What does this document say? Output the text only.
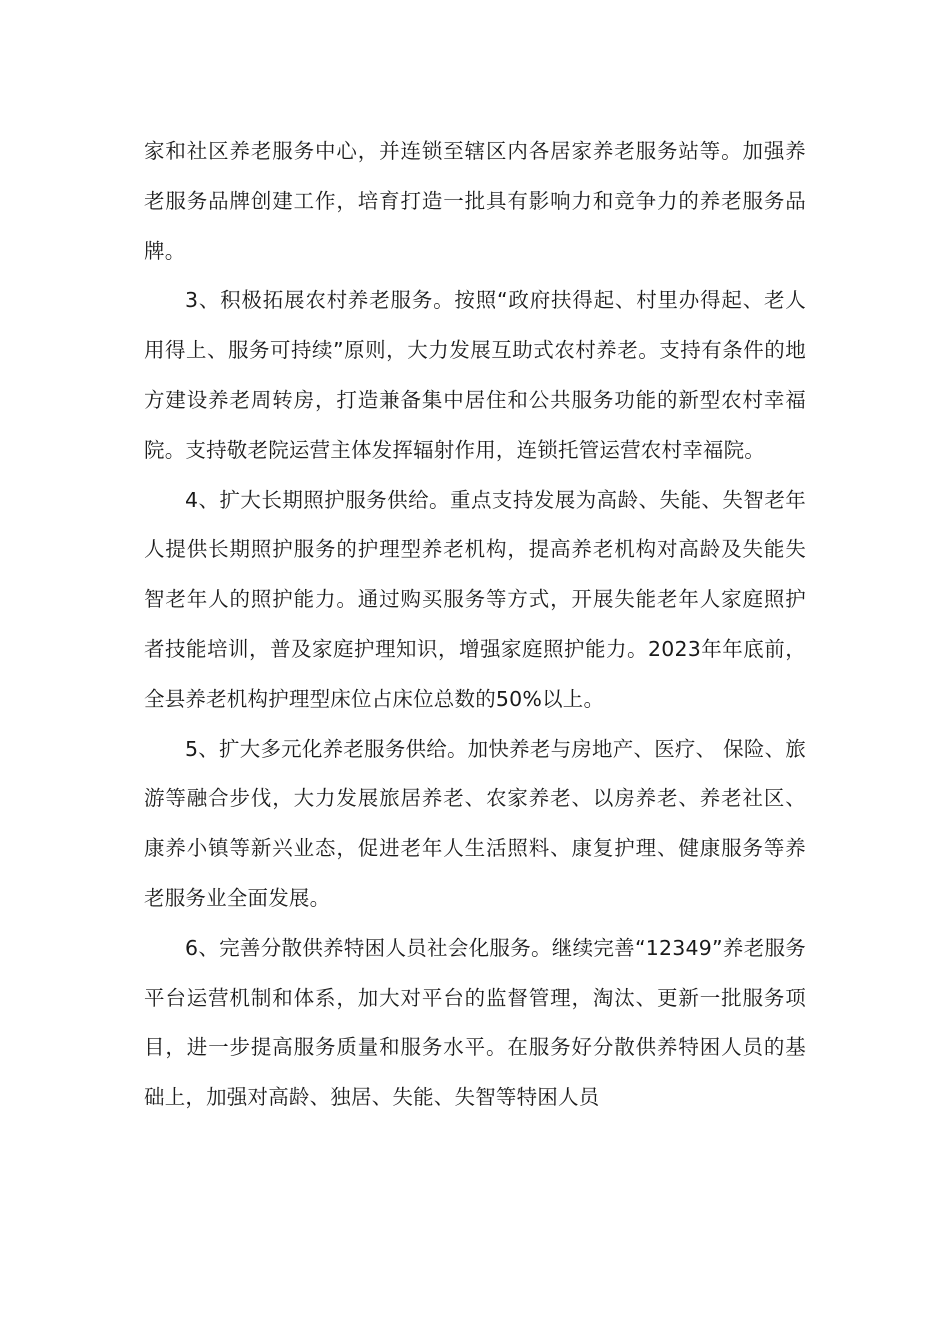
家和社区养老服务中心，并连锁至辖区内各居家养老服务站等。加强养老服务品牌创建工作，培育打造一批具有影响力和竞争力的养老服务品牌。

3、积极拓展农村养老服务。按照“政府扶得起、村里办得起、老人用得上、服务可持续”原则，大力发展互助式农村养老。支持有条件的地方建设养老周转房，打造兼备集中居住和公共服务功能的新型农村幸福院。支持敬老院运营主体发挥辐射作用，连锁托管运营农村幸福院。

4、扩大长期照护服务供给。重点支持发展为高龄、失能、失智老年人提供长期照护服务的护理型养老机构，提高养老机构对高龄及失能失智老年人的照护能力。通过购买服务等方式，开展失能老年人家庭照护者技能培训，普及家庭护理知识，增强家庭照护能力。2023年年底前，全县养老机构护理型床位占床位总数的50%以上。

5、扩大多元化养老服务供给。加快养老与房地产、医疗、 保险、旅游等融合步伐，大力发展旅居养老、农家养老、以房养老、养老社区、康养小镇等新兴业态，促进老年人生活照料、康复护理、健康服务等养老服务业全面发展。

6、完善分散供养特困人员社会化服务。继续完善“12349”养老服务平台运营机制和体系，加大对平台的监督管理，淘汰、更新一批服务项目，进一步提高服务质量和服务水平。在服务好分散供养特困人员的基础上，加强对高龄、独居、失能、失智等特困人员
